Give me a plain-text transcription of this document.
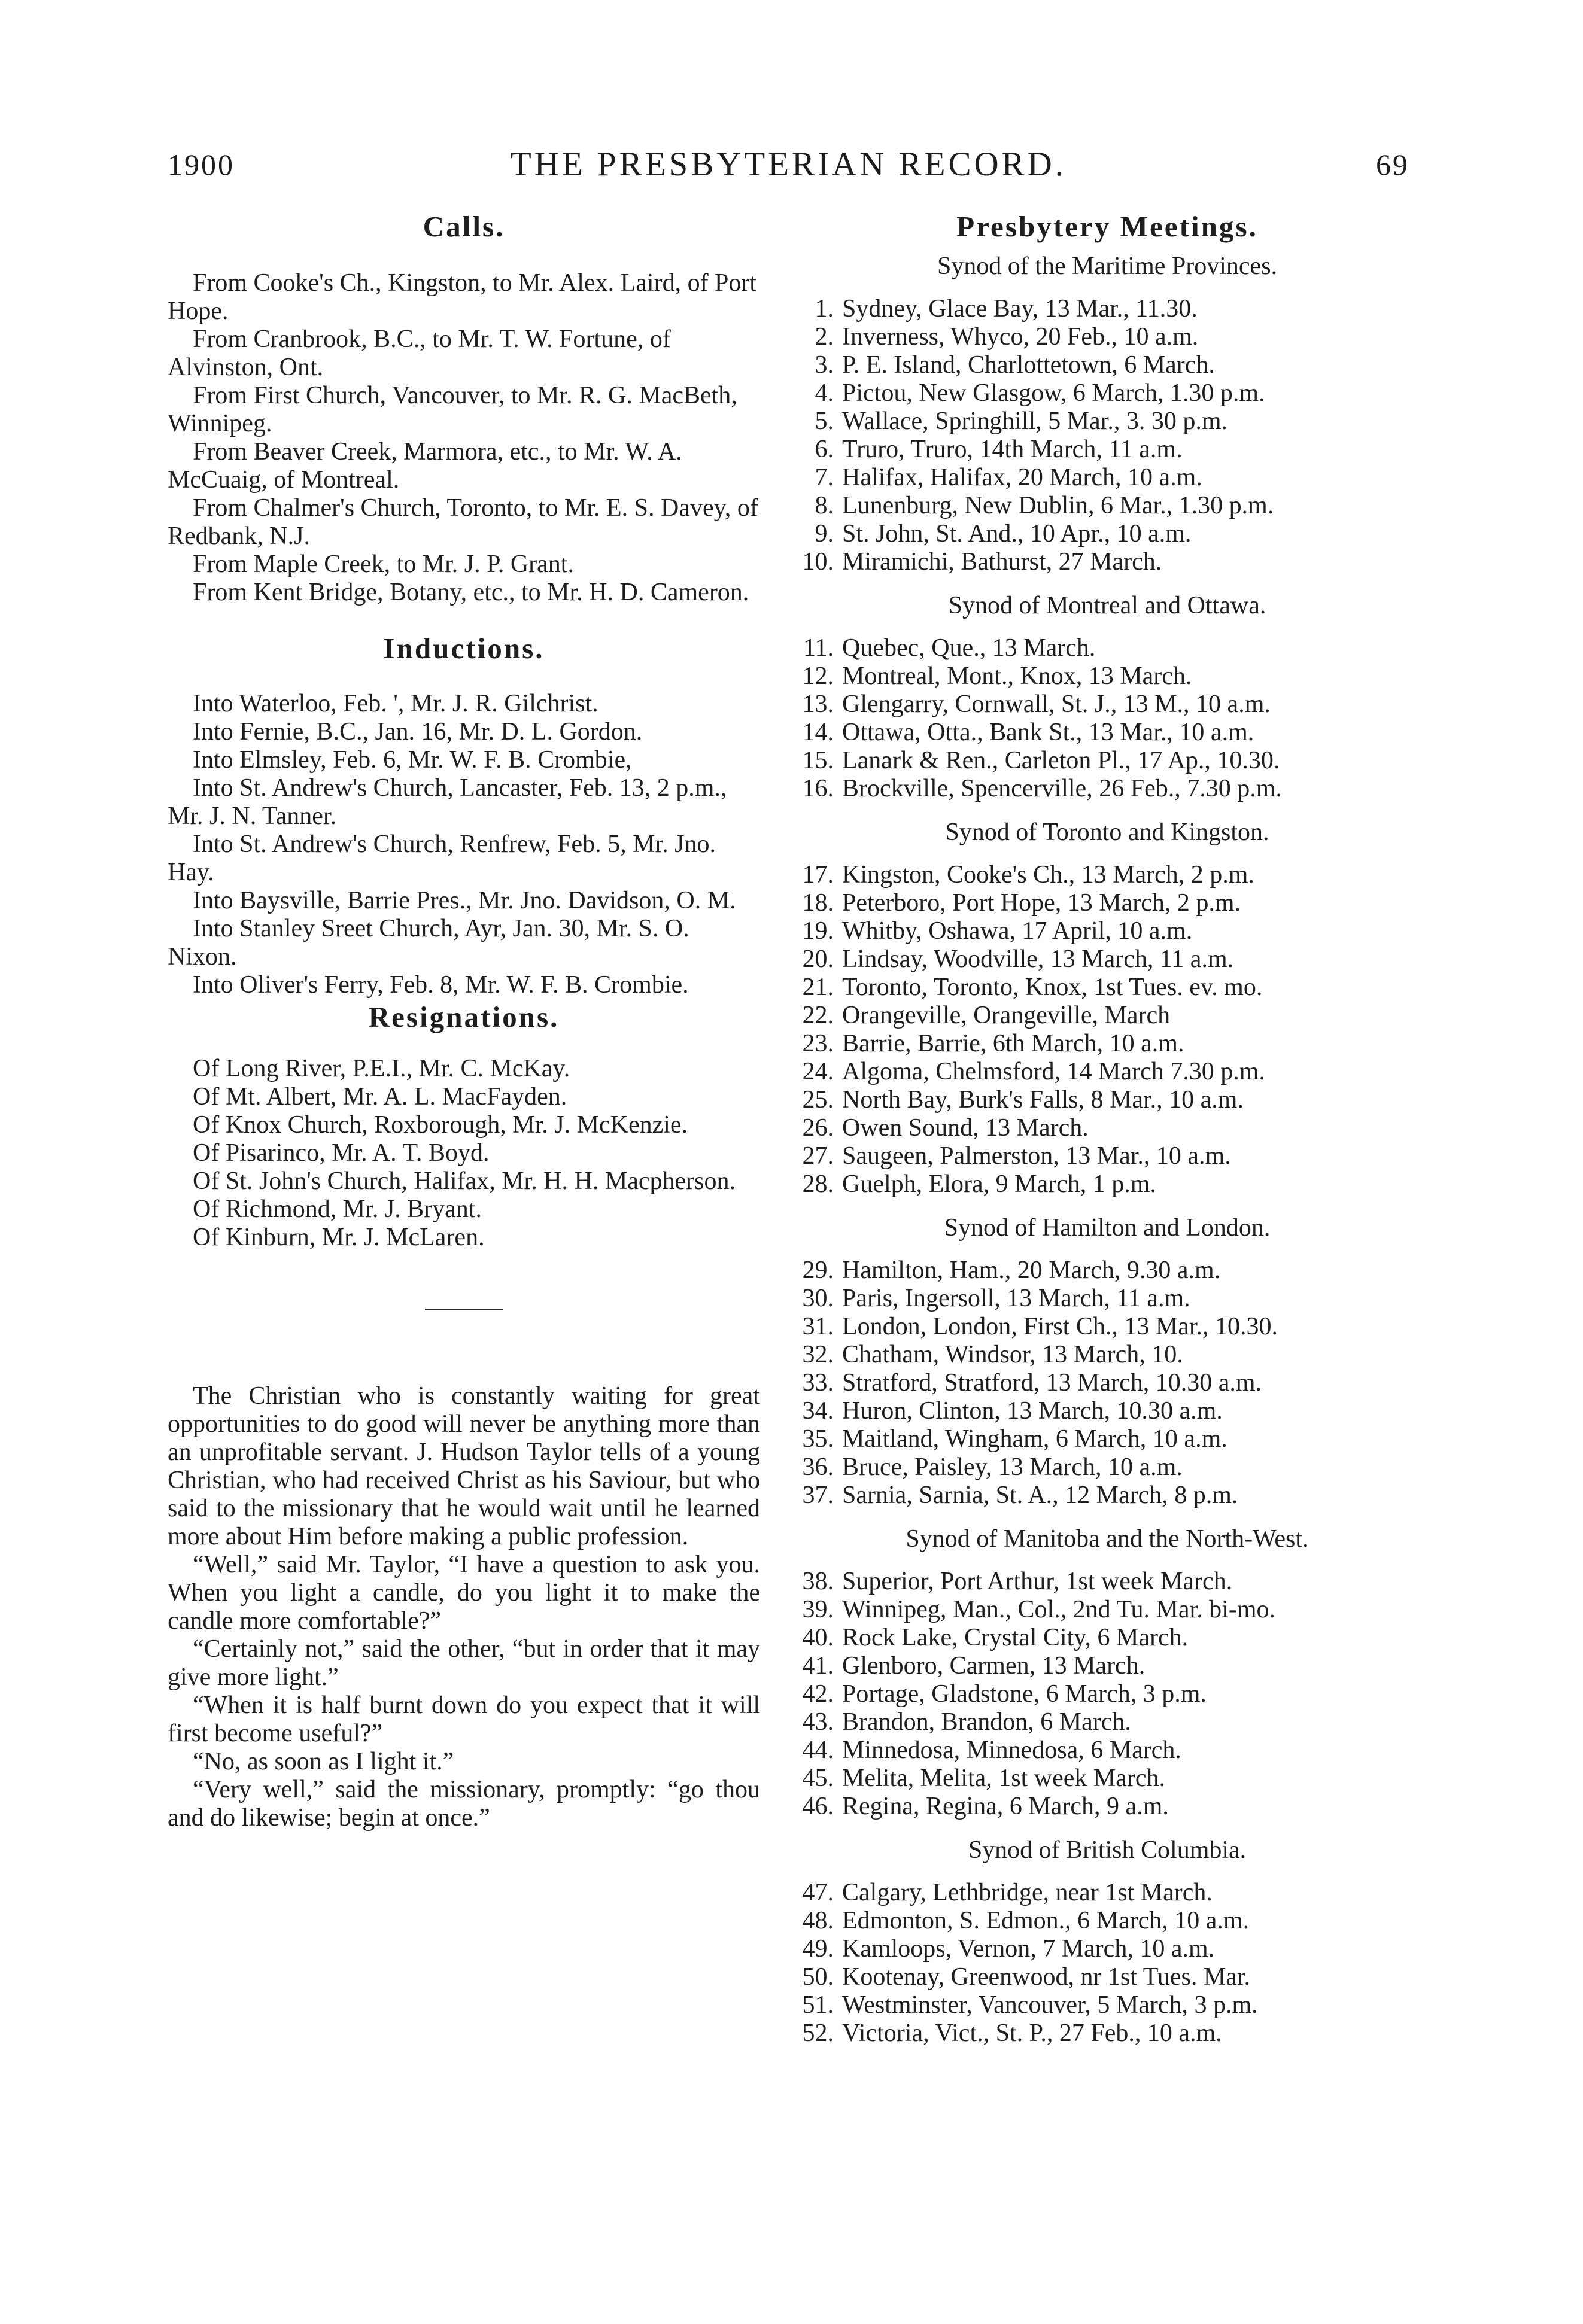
1900	THE PRESBYTERIAN RECORD.	69
Calls.

From Cooke's Ch., Kingston, to Mr. Alex. Laird, of Port Hope.

From Cranbrook, B.C., to Mr. T. W. Fortune, of Alvinston, Ont.

From First Church, Vancouver, to Mr. R. G. MacBeth, Winnipeg.

From Beaver Creek, Marmora, etc., to Mr. W. A. McCuaig, of Montreal.

From Chalmer's Church, Toronto, to Mr. E. S. Davey, of Redbank, N.J.

From Maple Creek, to Mr. J. P. Grant.

From Kent Bridge, Botany, etc., to Mr. H. D. Cameron.

Inductions.

Into Waterloo, Feb. ', Mr. J. R. Gilchrist.

Into Fernie, B.C., Jan. 16, Mr. D. L. Gordon.

Into Elmsley, Feb. 6, Mr. W. F. B. Crombie,

Into St. Andrew's Church, Lancaster, Feb. 13, 2 p.m., Mr. J. N. Tanner.

Into St. Andrew's Church, Renfrew, Feb. 5, Mr. Jno. Hay.

Into Baysville, Barrie Pres., Mr. Jno. Davidson, O. M.

Into Stanley Sreet Church, Ayr, Jan. 30, Mr. S. O. Nixon.

Into Oliver's Ferry, Feb. 8, Mr. W. F. B. Crombie.

Resignations.

Of Long River, P.E.I., Mr. C. McKay.

Of Mt. Albert, Mr. A. L. MacFayden.

Of Knox Church, Roxborough, Mr. J. McKenzie.

Of Pisarinco, Mr. A. T. Boyd.

Of St. John's Church, Halifax, Mr. H. H. Macpherson.

Of Richmond, Mr. J. Bryant.

Of Kinburn, Mr. J. McLaren.

The Christian who is constantly waiting for great opportunities to do good will never be anything more than an unprofitable servant. J. Hudson Taylor tells of a young Christian, who had received Christ as his Saviour, but who said to the missionary that he would wait until he learned more about Him before making a public profession.

“Well,” said Mr. Taylor, “I have a question to ask you. When you light a candle, do you light it to make the candle more comfortable?”

“Certainly not,” said the other, “but in order that it may give more light.”

“When it is half burnt down do you expect that it will first become useful?”

“No, as soon as I light it.”

“Very well,” said the missionary, promptly: “go thou and do likewise; begin at once.”

Presbytery Meetings.

Synod of the Maritime Provinces.

1. Sydney, Glace Bay, 13 Mar., 11.30.
2. Inverness, Whyco, 20 Feb., 10 a.m.
3. P. E. Island, Charlottetown, 6 March.
4. Pictou, New Glasgow, 6 March, 1.30 p.m.
5. Wallace, Springhill, 5 Mar., 3. 30 p.m.
6. Truro, Truro, 14th March, 11 a.m.
7. Halifax, Halifax, 20 March, 10 a.m.
8. Lunenburg, New Dublin, 6 Mar., 1.30 p.m.
9. St. John, St. And., 10 Apr., 10 a.m.
10. Miramichi, Bathurst, 27 March.

Synod of Montreal and Ottawa.

11. Quebec, Que., 13 March.
12. Montreal, Mont., Knox, 13 March.
13. Glengarry, Cornwall, St. J., 13 M., 10 a.m.
14. Ottawa, Otta., Bank St., 13 Mar., 10 a.m.
15. Lanark & Ren., Carleton Pl., 17 Ap., 10.30.
16. Brockville, Spencerville, 26 Feb., 7.30 p.m.

Synod of Toronto and Kingston.

17. Kingston, Cooke's Ch., 13 March, 2 p.m.
18. Peterboro, Port Hope, 13 March, 2 p.m.
19. Whitby, Oshawa, 17 April, 10 a.m.
20. Lindsay, Woodville, 13 March, 11 a.m.
21. Toronto, Toronto, Knox, 1st Tues. ev. mo.
22. Orangeville, Orangeville, March
23. Barrie, Barrie, 6th March, 10 a.m.
24. Algoma, Chelmsford, 14 March 7.30 p.m.
25. North Bay, Burk's Falls, 8 Mar., 10 a.m.
26. Owen Sound, 13 March.
27. Saugeen, Palmerston, 13 Mar., 10 a.m.
28. Guelph, Elora, 9 March, 1 p.m.

Synod of Hamilton and London.

29. Hamilton, Ham., 20 March, 9.30 a.m.
30. Paris, Ingersoll, 13 March, 11 a.m.
31. London, London, First Ch., 13 Mar., 10.30.
32. Chatham, Windsor, 13 March, 10.
33. Stratford, Stratford, 13 March, 10.30 a.m.
34. Huron, Clinton, 13 March, 10.30 a.m.
35. Maitland, Wingham, 6 March, 10 a.m.
36. Bruce, Paisley, 13 March, 10 a.m.
37. Sarnia, Sarnia, St. A., 12 March, 8 p.m.

Synod of Manitoba and the North-West.

38. Superior, Port Arthur, 1st week March.
39. Winnipeg, Man., Col., 2nd Tu. Mar. bi-mo.
40. Rock Lake, Crystal City, 6 March.
41. Glenboro, Carmen, 13 March.
42. Portage, Gladstone, 6 March, 3 p.m.
43. Brandon, Brandon, 6 March.
44. Minnedosa, Minnedosa, 6 March.
45. Melita, Melita, 1st week March.
46. Regina, Regina, 6 March, 9 a.m.

Synod of British Columbia.

47. Calgary, Lethbridge, near 1st March.
48. Edmonton, S. Edmon., 6 March, 10 a.m.
49. Kamloops, Vernon, 7 March, 10 a.m.
50. Kootenay, Greenwood, nr 1st Tues. Mar.
51. Westminster, Vancouver, 5 March, 3 p.m.
52. Victoria, Vict., St. P., 27 Feb., 10 a.m.
